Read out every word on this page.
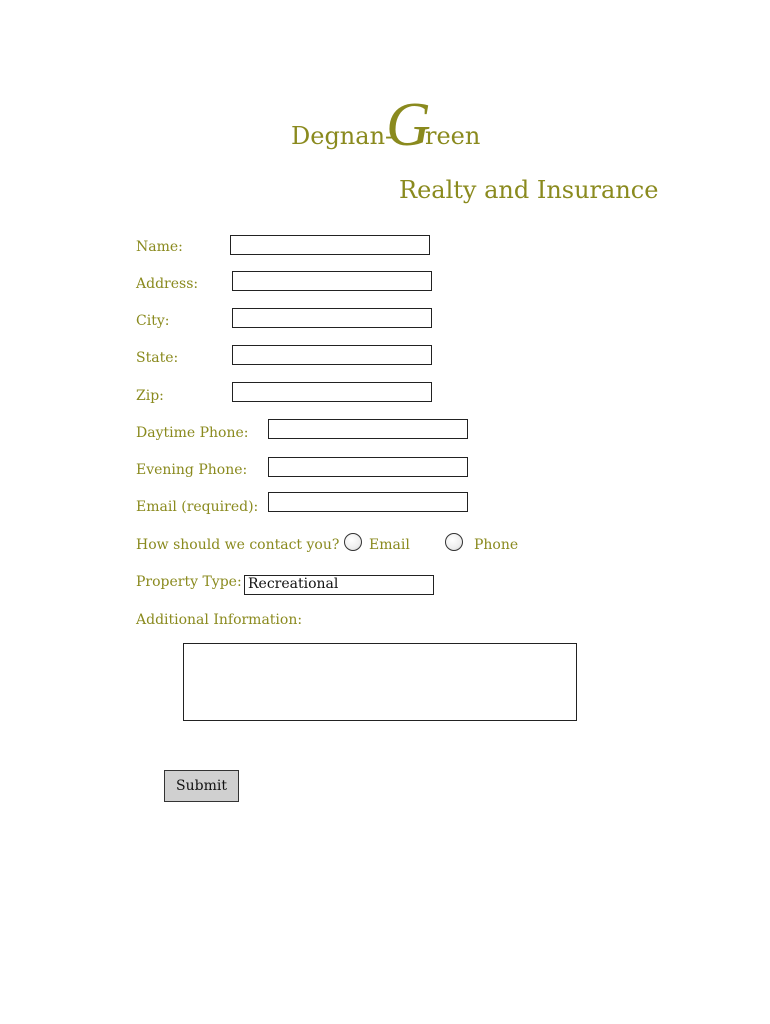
Degnan-
G
reen
Realty and Insurance
Name:
Address:
City:
State:
Zip:
Daytime Phone:
Evening Phone:
Email (required):
How should we contact you? Email	Phone
Property Type: Recreational
Additional Information:
Submit
